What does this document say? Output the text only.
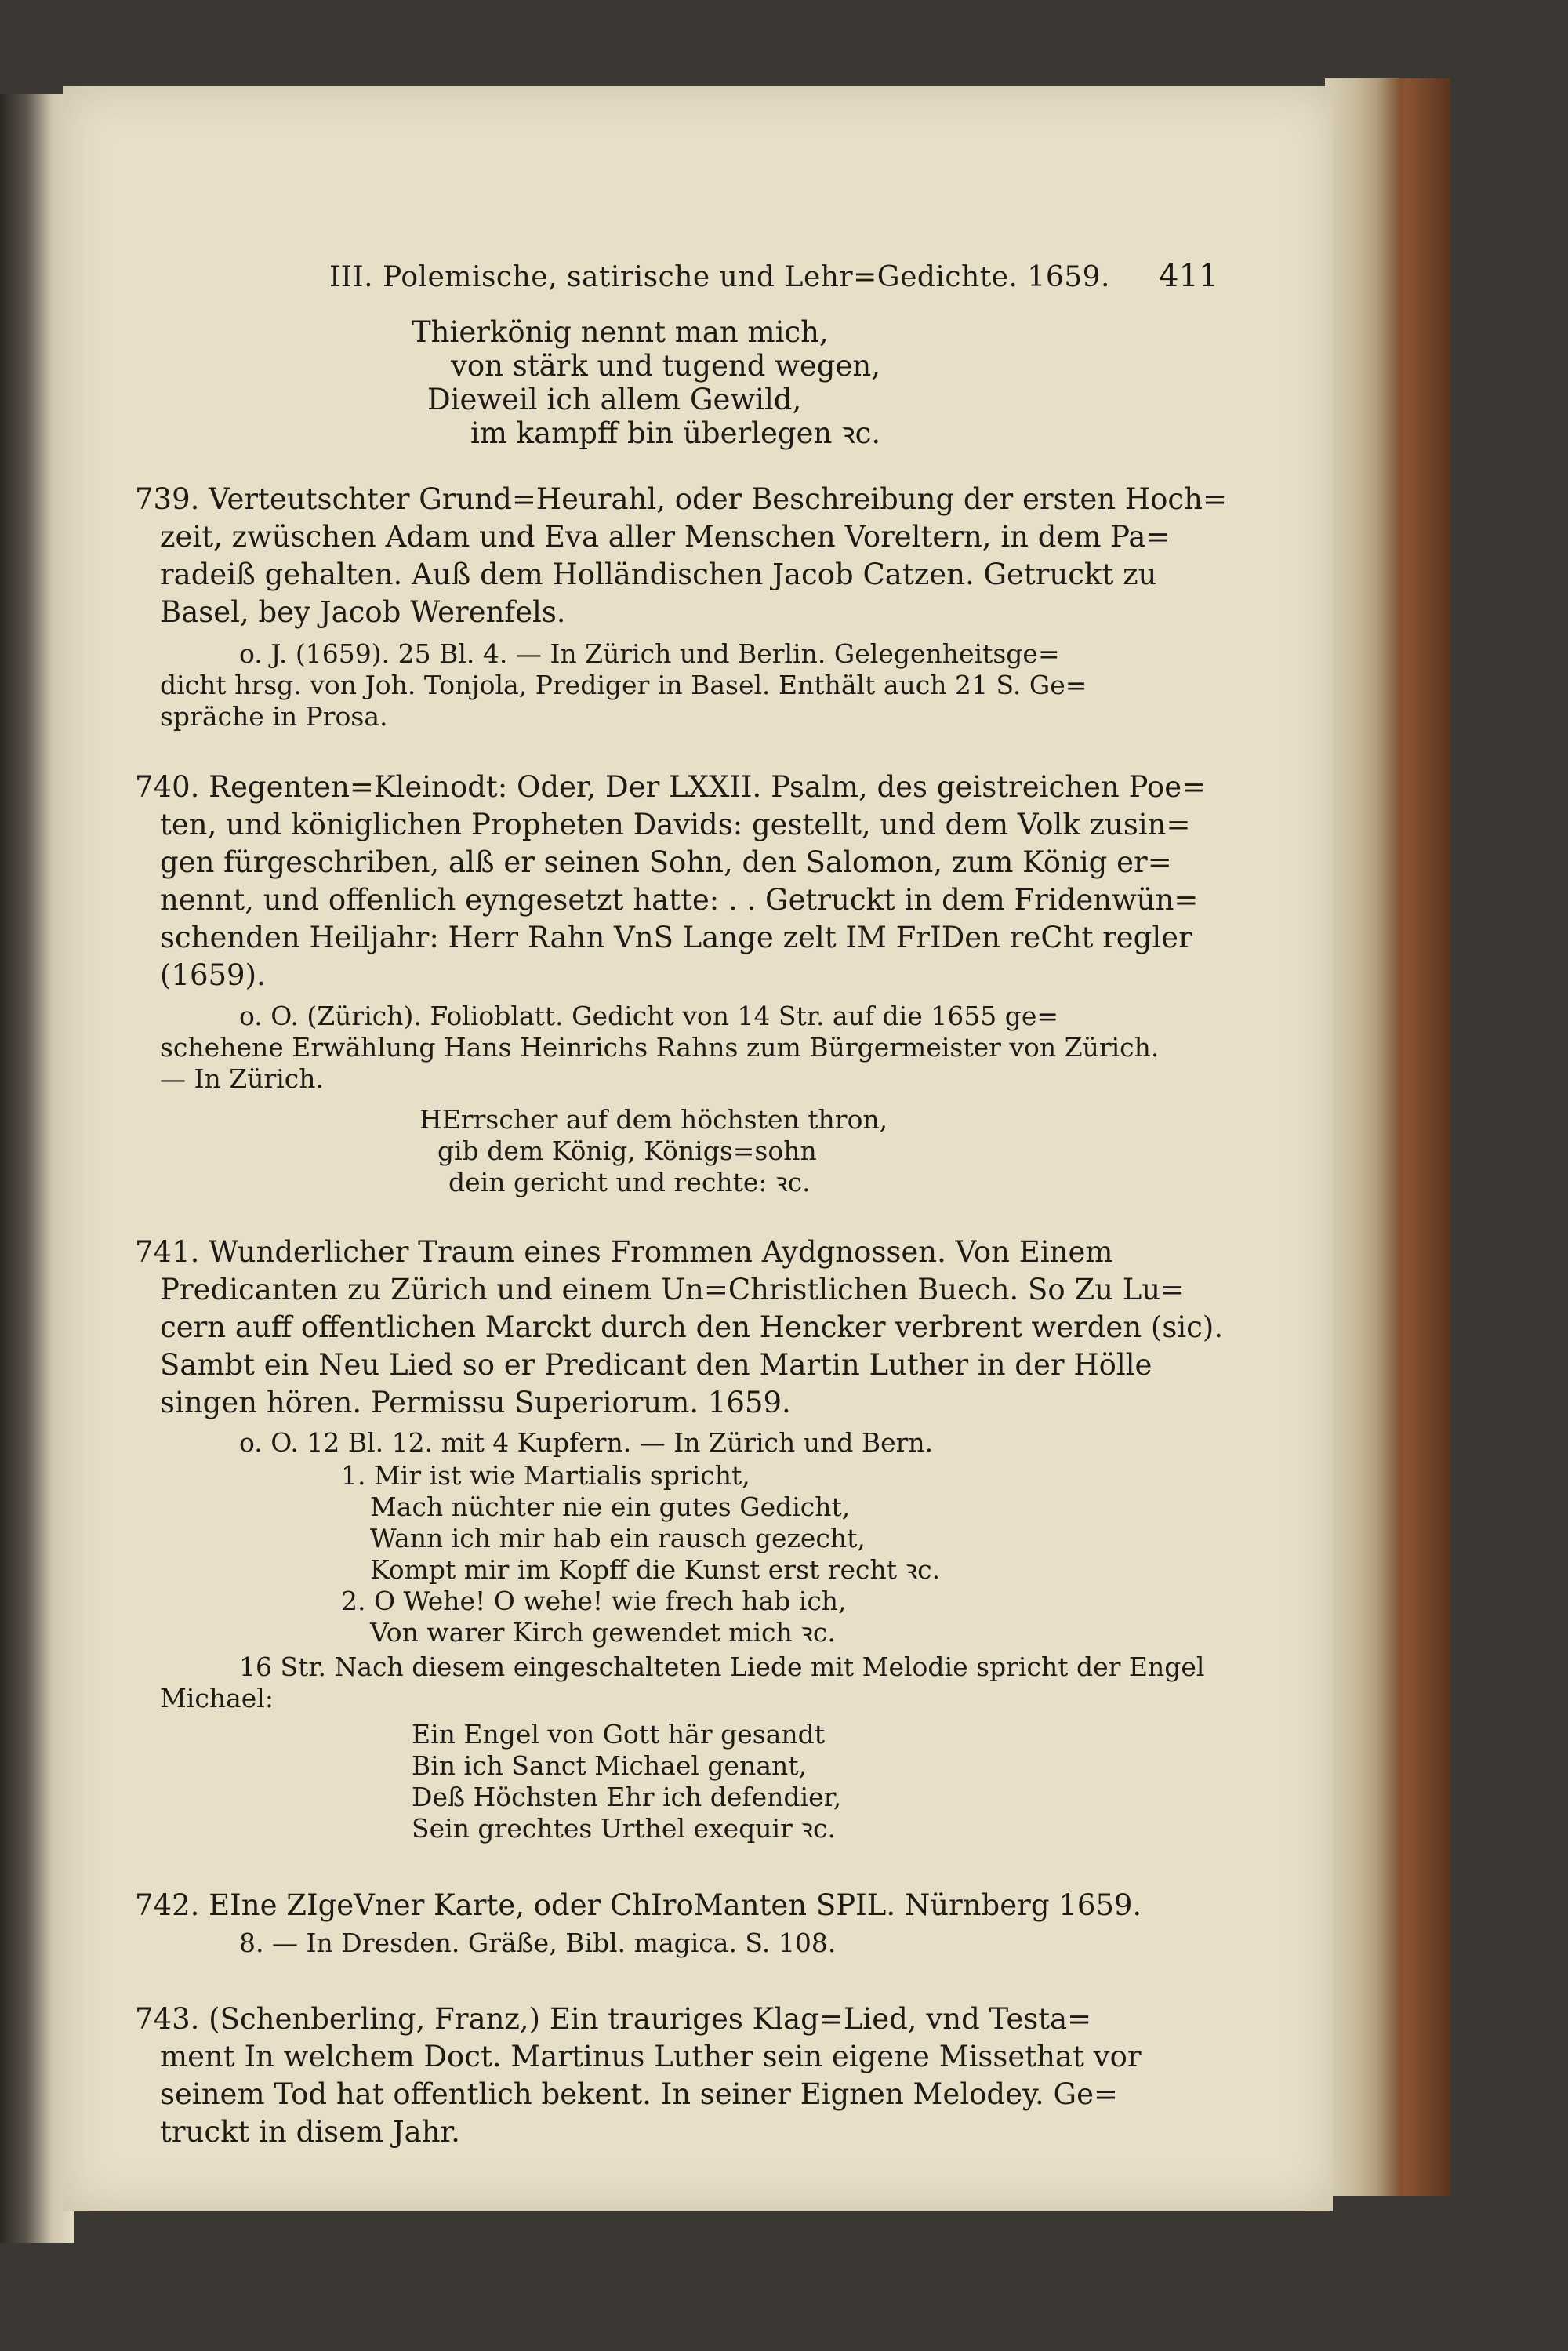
III. Polemische, satirische und Lehr=Gedichte. 1659. 411
Thierkönig nennt man mich,
von stärk und tugend wegen,
Dieweil ich allem Gewild,
im kampff bin überlegen ꝛc.
739. Verteutschter Grund=Heurahl, oder Beschreibung der ersten Hoch=
zeit, zwüschen Adam und Eva aller Menschen Voreltern, in dem Pa=
radeiß gehalten. Auß dem Holländischen Jacob Catzen. Getruckt zu
Basel, bey Jacob Werenfels.
o. J. (1659). 25 Bl. 4. — In Zürich und Berlin. Gelegenheitsge=
dicht hrsg. von Joh. Tonjola, Prediger in Basel. Enthält auch 21 S. Ge=
spräche in Prosa.
740. Regenten=Kleinodt: Oder, Der LXXII. Psalm, des geistreichen Poe=
ten, und königlichen Propheten Davids: gestellt, und dem Volk zusin=
gen fürgeschriben, alß er seinen Sohn, den Salomon, zum König er=
nennt, und offenlich eyngesetzt hatte: . . Getruckt in dem Fridenwün=
schenden Heiljahr: Herr Rahn VnS Lange zelt IM FrIDen reCht regler
(1659).
o. O. (Zürich). Folioblatt. Gedicht von 14 Str. auf die 1655 ge=
schehene Erwählung Hans Heinrichs Rahns zum Bürgermeister von Zürich.
— In Zürich.
HErrscher auf dem höchsten thron,
gib dem König, Königs=sohn
dein gericht und rechte: ꝛc.
741. Wunderlicher Traum eines Frommen Aydgnossen. Von Einem
Predicanten zu Zürich und einem Un=Christlichen Buech. So Zu Lu=
cern auff offentlichen Marckt durch den Hencker verbrent werden (sic).
Sambt ein Neu Lied so er Predicant den Martin Luther in der Hölle
singen hören. Permissu Superiorum. 1659.
o. O. 12 Bl. 12. mit 4 Kupfern. — In Zürich und Bern.
1. Mir ist wie Martialis spricht,
Mach nüchter nie ein gutes Gedicht,
Wann ich mir hab ein rausch gezecht,
Kompt mir im Kopff die Kunst erst recht ꝛc.
2. O Wehe! O wehe! wie frech hab ich,
Von warer Kirch gewendet mich ꝛc.
16 Str. Nach diesem eingeschalteten Liede mit Melodie spricht der Engel
Michael:
Ein Engel von Gott här gesandt
Bin ich Sanct Michael genant,
Deß Höchsten Ehr ich defendier,
Sein grechtes Urthel exequir ꝛc.
742. EIne ZIgeVner Karte, oder ChIroManten SPIL. Nürnberg 1659.
8. — In Dresden. Gräße, Bibl. magica. S. 108.
743. (Schenberling, Franz,) Ein trauriges Klag=Lied, vnd Testa=
ment In welchem Doct. Martinus Luther sein eigene Missethat vor
seinem Tod hat offentlich bekent. In seiner Eignen Melodey. Ge=
truckt in disem Jahr.
